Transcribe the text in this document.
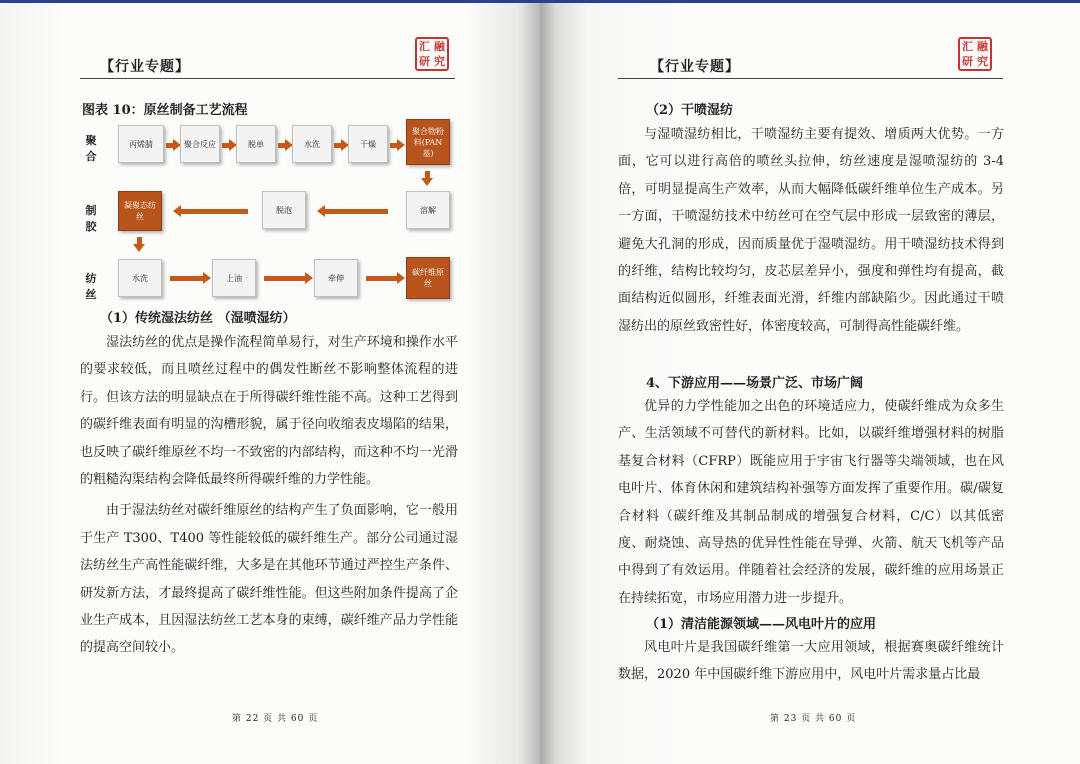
【行业专题】
汇 融
研 究
图表 10：原丝制备工艺流程
聚合
制胶
纺丝
丙烯腈	聚合反应	脱单	水洗	干燥
聚合物粉料(PAN基)
凝聚态纺丝
脱泡	溶解
水洗	上油	牵伸
碳纤维原丝
（1）传统湿法纺丝 （湿喷湿纺）

湿法纺丝的优点是操作流程简单易行，对生产环境和操作水平的要求较低，而且喷丝过程中的偶发性断丝不影响整体流程的进行。但该方法的明显缺点在于所得碳纤维性能不高。这种工艺得到的碳纤维表面有明显的沟槽形貌，属于径向收缩表皮塌陷的结果，也反映了碳纤维原丝不均一不致密的内部结构，而这种不均一光滑的粗糙沟渠结构会降低最终所得碳纤维的力学性能。

由于湿法纺丝对碳纤维原丝的结构产生了负面影响，它一般用于生产 T300、T400 等性能较低的碳纤维生产。部分公司通过湿法纺丝生产高性能碳纤维，大多是在其他环节通过严控生产条件、研发新方法，才最终提高了碳纤维性能。但这些附加条件提高了企业生产成本，且因湿法纺丝工艺本身的束缚，碳纤维产品力学性能的提高空间较小。

第 22 页 共 60 页
【行业专题】
汇 融
研 究
（2）干喷湿纺

与湿喷湿纺相比，干喷湿纺主要有提效、增质两大优势。一方面，它可以进行高倍的喷丝头拉伸，纺丝速度是湿喷湿纺的 3-4 倍，可明显提高生产效率，从而大幅降低碳纤维单位生产成本。另一方面，干喷湿纺技术中纺丝可在空气层中形成一层致密的薄层，避免大孔洞的形成，因而质量优于湿喷湿纺。用干喷湿纺技术得到的纤维，结构比较均匀，皮芯层差异小，强度和弹性均有提高，截面结构近似圆形，纤维表面光滑，纤维内部缺陷少。因此通过干喷湿纺出的原丝致密性好，体密度较高，可制得高性能碳纤维。

4、下游应用——场景广泛、市场广阔

优异的力学性能加之出色的环境适应力，使碳纤维成为众多生产、生活领域不可替代的新材料。比如，以碳纤维增强材料的树脂基复合材料（CFRP）既能应用于宇宙飞行器等尖端领域，也在风电叶片、体育休闲和建筑结构补强等方面发挥了重要作用。碳/碳复合材料（碳纤维及其制品制成的增强复合材料，C/C）以其低密度、耐烧蚀、高导热的优异性性能在导弹、火箭、航天飞机等产品中得到了有效运用。伴随着社会经济的发展，碳纤维的应用场景正在持续拓宽，市场应用潜力进一步提升。

（1）清洁能源领域——风电叶片的应用

风电叶片是我国碳纤维第一大应用领域，根据赛奥碳纤维统计数据，2020 年中国碳纤维下游应用中，风电叶片需求量占比最

第 23 页 共 60 页
